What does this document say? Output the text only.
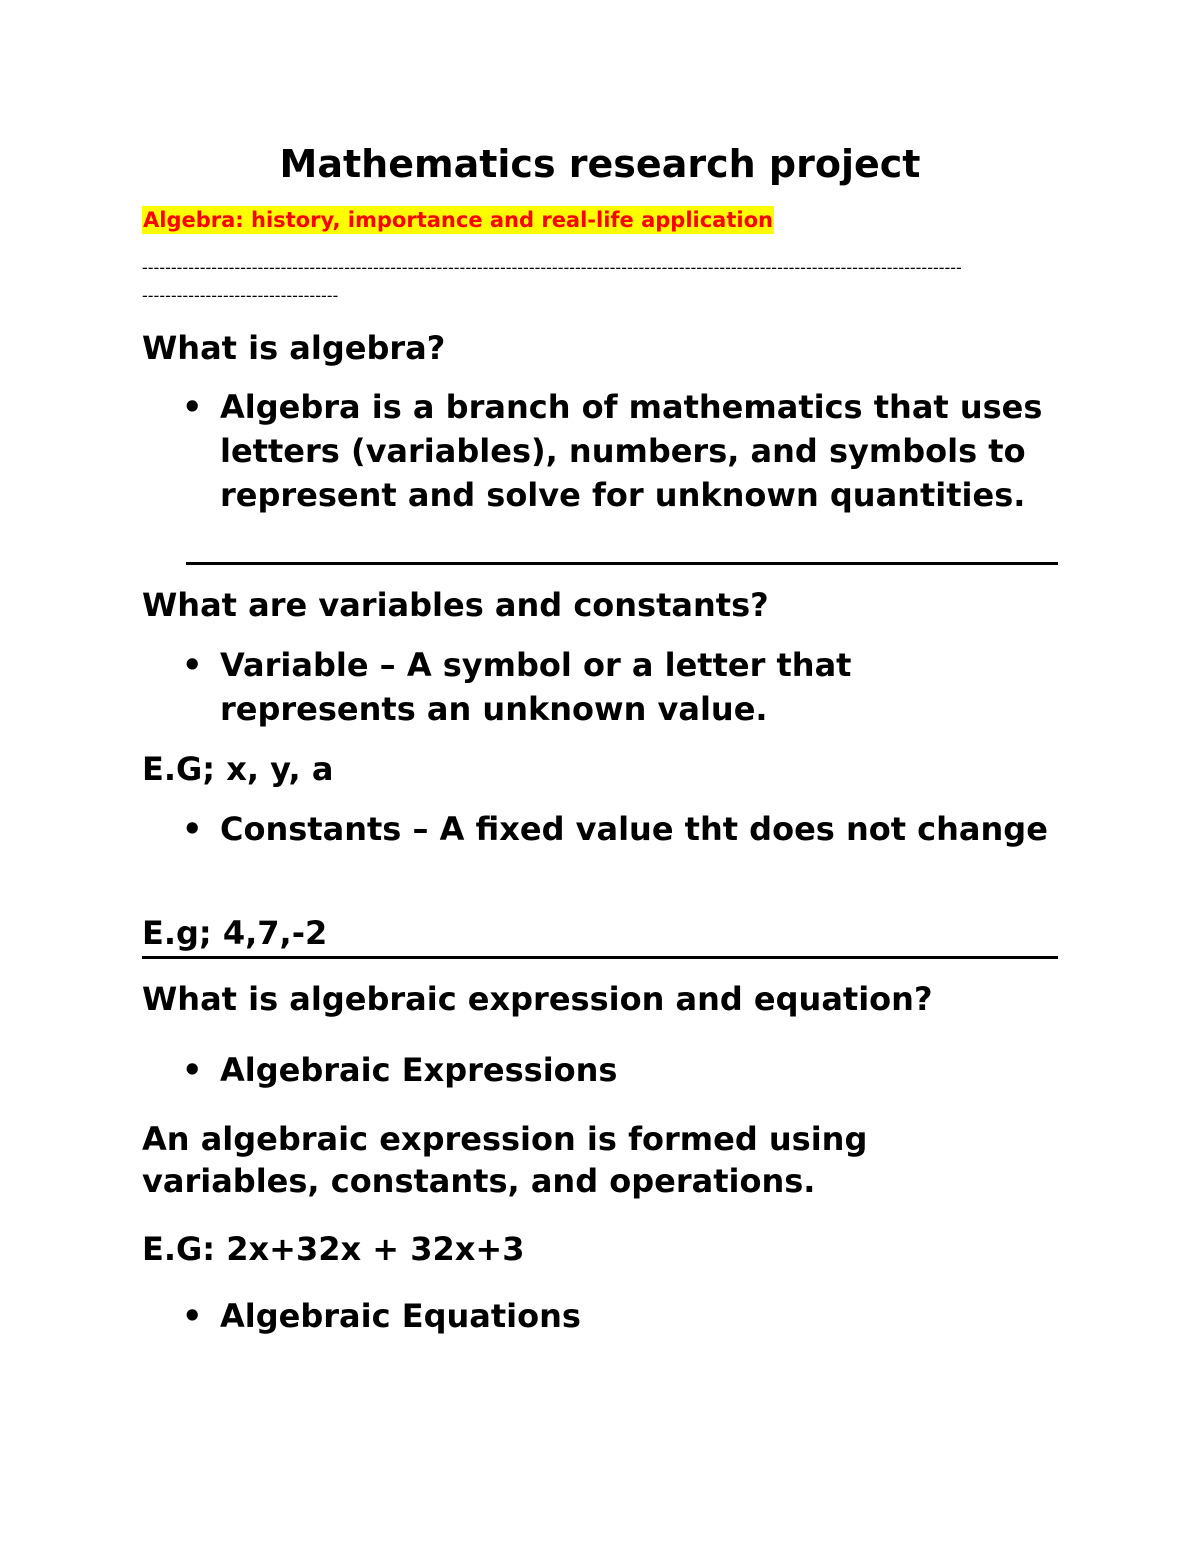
Mathematics research project
Algebra: history, importance and real-life application
----------------------------------------------------------------------------------------------------------------------------------------------
----------------------------------
What is algebra?
• Algebra is a branch of mathematics that uses letters (variables), numbers, and symbols to represent and solve for unknown quantities.
What are variables and constants?
• Variable – A symbol or a letter that represents an unknown value.
E.G; x, y, a
• Constants – A fixed value tht does not change
E.g; 4,7,-2
What is algebraic expression and equation?
• Algebraic Expressions
An algebraic expression is formed using variables, constants, and operations.
E.G: 2x+32x + 32x+3
• Algebraic Equations
